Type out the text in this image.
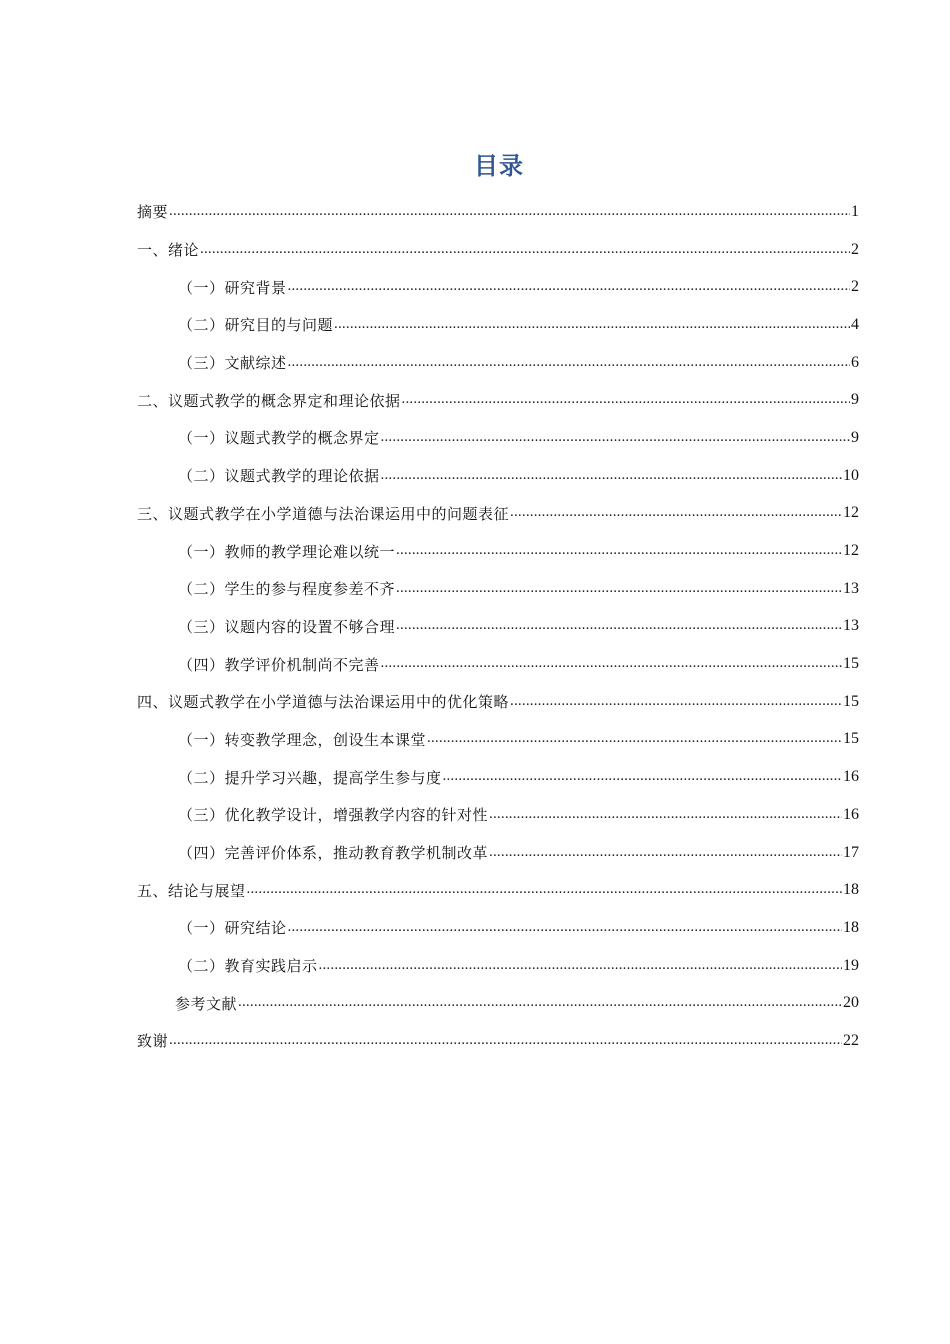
目录
摘要 .....	1
一、绪论 .....	2
（一）研究背景 .....	2
（二）研究目的与问题 .....	4
（三）文献综述 .....	6
二、议题式教学的概念界定和理论依据 .....	9
（一）议题式教学的概念界定 .....	9
（二）议题式教学的理论依据 .....	10
三、议题式教学在小学道德与法治课运用中的问题表征 .....	12
（一）教师的教学理论难以统一 .....	12
（二）学生的参与程度参差不齐 .....	13
（三）议题内容的设置不够合理 .....	13
（四）教学评价机制尚不完善 .....	15
四、议题式教学在小学道德与法治课运用中的优化策略 .....	15
（一）转变教学理念，创设生本课堂 .....	15
（二）提升学习兴趣，提高学生参与度 .....	16
（三）优化教学设计，增强教学内容的针对性 .....	16
（四）完善评价体系，推动教育教学机制改革 .....	17
五、结论与展望 .....	18
（一）研究结论 .....	18
（二）教育实践启示 .....	19
参考文献 .....	20
致谢 .....	22
